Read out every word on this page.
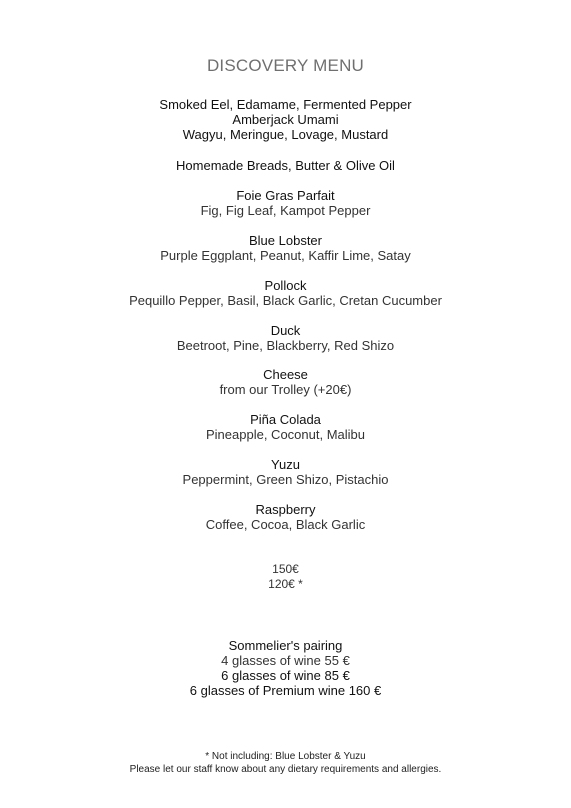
DISCOVERY MENU
Smoked Eel, Edamame, Fermented Pepper
Amberjack Umami
Wagyu, Meringue, Lovage, Mustard
Homemade Breads, Butter & Olive Oil
Foie Gras Parfait
Fig, Fig Leaf, Kampot Pepper
Blue Lobster
Purple Eggplant, Peanut, Kaffir Lime, Satay
Pollock
Pequillo Pepper, Basil, Black Garlic, Cretan Cucumber
Duck
Beetroot, Pine, Blackberry, Red Shizo
Cheese
from our Trolley (+20€)
Piña Colada
Pineapple, Coconut, Malibu
Yuzu
Peppermint, Green Shizo, Pistachio
Raspberry
Coffee, Cocoa, Black Garlic
150€
120€ *
Sommelier's pairing
4 glasses of wine 55 €
6 glasses of wine 85 €
6 glasses of Premium wine 160 €
* Not including: Blue Lobster & Yuzu
Please let our staff know about any dietary requirements and allergies.
